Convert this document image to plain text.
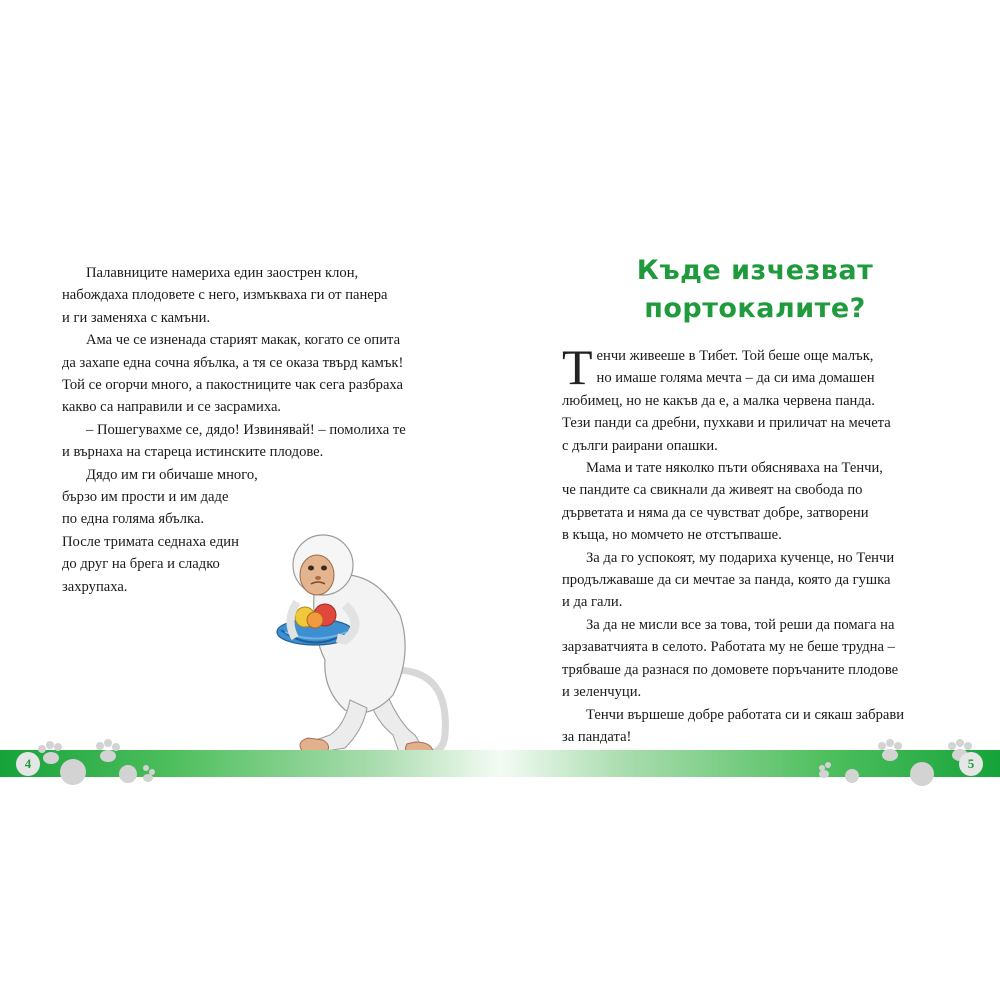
Палавниците намериха един заострен клон,
набождаха плодовете с него, измъкваха ги от панера
и ги заменяха с камъни.

Ама че се изненада старият макак, когато се опита
да захапе една сочна ябълка, а тя се оказа твърд камък!
Той се огорчи много, а пакостниците чак сега разбраха
какво са направили и се засрамиха.

– Пошегувахме се, дядо! Извинявай! – помолиха те
и върнаха на стареца истинските плодове.

Дядо им ги обичаше много,
бързо им прости и им даде
по една голяма ябълка.
После тримата седнаха един
до друг на брега и сладко
захрупаха.

Къде изчезват
портокалите?

Т енчи живееше в Тибет. Той беше още малък,
но имаше голяма мечта – да си има домашен
любимец, но не какъв да е, а малка червена панда.
Тези панди са дребни, пухкави и приличат на мечета
с дълги раирани опашки.

Мама и тате няколко пъти обясняваха на Тенчи,
че пандите са свикнали да живеят на свобода по
дърветата и няма да се чувстват добре, затворени
в къща, но момчето не отстъпваше.

За да го успокоят, му подариха кученце, но Тенчи
продължаваше да си мечтае за панда, която да гушка
и да гали.

За да не мисли все за това, той реши да помага на
зарзаватчията в селото. Работата му не беше трудна –
трябваше да разнася по домовете поръчаните плодове
и зеленчуци.

Тенчи вършеше добре работата си и сякаш забрави
за пандата!

4	5
